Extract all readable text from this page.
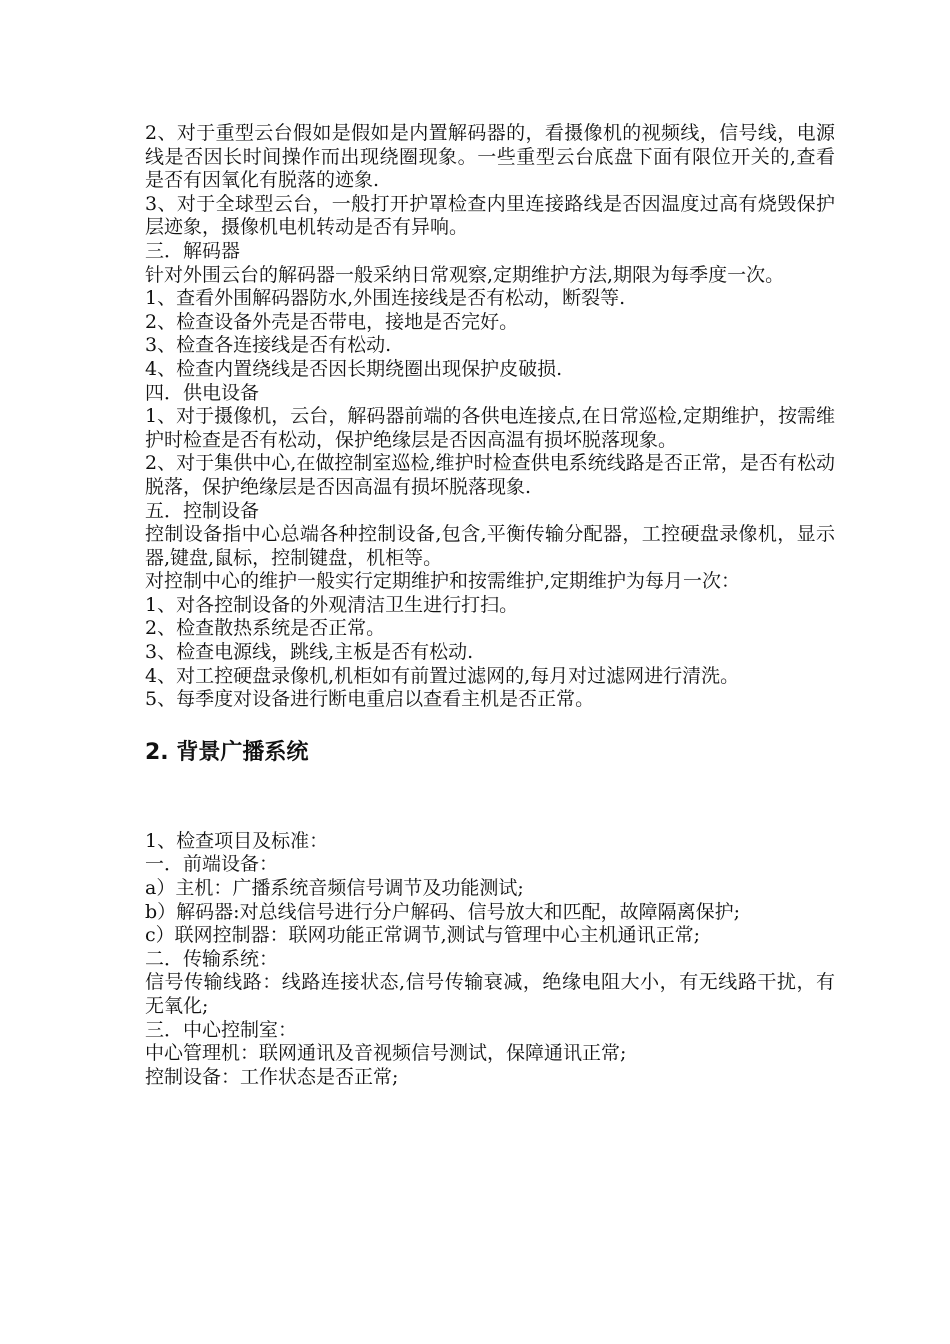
2、对于重型云台假如是假如是内置解码器的，看摄像机的视频线，信号线，电源线是否因长时间操作而出现绕圈现象。一些重型云台底盘下面有限位开关的,查看是否有因氧化有脱落的迹象.

3、对于全球型云台，一般打开护罩检查内里连接路线是否因温度过高有烧毁保护层迹象，摄像机电机转动是否有异响。

三．解码器

针对外围云台的解码器一般采纳日常观察,定期维护方法,期限为每季度一次。

1、查看外围解码器防水,外围连接线是否有松动，断裂等.

2、检查设备外壳是否带电，接地是否完好。

3、检查各连接线是否有松动.

4、检查内置绕线是否因长期绕圈出现保护皮破损.

四．供电设备

1、对于摄像机，云台，解码器前端的各供电连接点,在日常巡检,定期维护，按需维护时检查是否有松动，保护绝缘层是否因高温有损坏脱落现象。

2、对于集供中心,在做控制室巡检,维护时检查供电系统线路是否正常，是否有松动脱落，保护绝缘层是否因高温有损坏脱落现象.

五．控制设备

控制设备指中心总端各种控制设备,包含,平衡传输分配器，工控硬盘录像机，显示器,键盘,鼠标，控制键盘，机柜等。

对控制中心的维护一般实行定期维护和按需维护,定期维护为每月一次：

1、对各控制设备的外观清洁卫生进行打扫。

2、检查散热系统是否正常。

3、检查电源线，跳线,主板是否有松动.

4、对工控硬盘录像机,机柜如有前置过滤网的,每月对过滤网进行清洗。

5、每季度对设备进行断电重启以查看主机是否正常。

2. 背景广播系统

1、检查项目及标准：

一．前端设备：

a）主机：广播系统音频信号调节及功能测试;

b）解码器:对总线信号进行分户解码、信号放大和匹配，故障隔离保护;

c）联网控制器：联网功能正常调节,测试与管理中心主机通讯正常;

二．传输系统：

信号传输线路：线路连接状态,信号传输衰减，绝缘电阻大小，有无线路干扰，有无氧化;

三．中心控制室：

中心管理机：联网通讯及音视频信号测试，保障通讯正常;

控制设备：工作状态是否正常;
